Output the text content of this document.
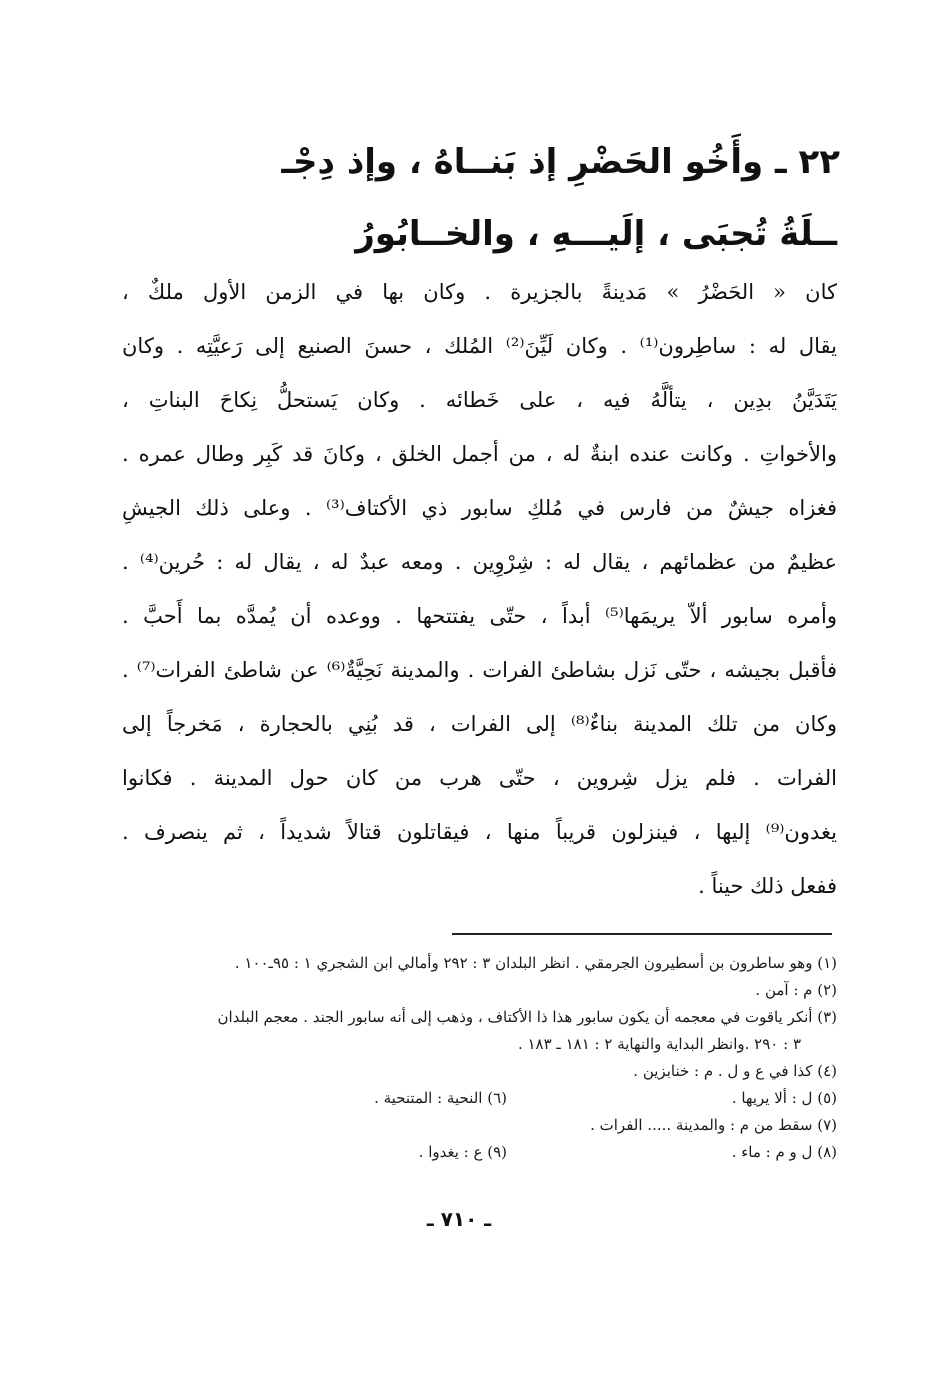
٢٢ ـ وأَخُو الحَضْرِ إذ بَنــاهُ ، وإذ دِجْـ
ــلَةُ تُجبَى ، إلَيـــهِ ، والخــابُورُ
كان « الحَضْرُ » مَدينةً بالجزيرة . وكان بها في الزمن الأول ملكٌ ،
يقال له : ساطِرون⁽¹⁾ . وكان لَيِّنَ⁽²⁾ المُلك ، حسنَ الصنيع إلى رَعيَّتِه . وكان
يَتَدَيَّنُ بدِين ، يتألَّهُ فيه ، على خَطائه . وكان يَستحلُّ نِكاحَ البناتِ ،
والأخواتِ . وكانت عنده ابنةٌ له ، من أجمل الخلق ، وكانَ قد كَبِر وطال عمره .
فغزاه جيشٌ من فارس في مُلكِ سابور ذي الأكتاف⁽³⁾ . وعلى ذلك الجيشِ
عظيمٌ من عظمائهم ، يقال له : شِرْوِين . ومعه عبدٌ له ، يقال له : حُرين⁽⁴⁾ .
وأمره سابور ألاّ يريمَها⁽⁵⁾ أبداً ، حتّى يفتتحها . ووعده أن يُمدَّه بما أَحبَّ .
فأقبل بجيشه ، حتّى نَزل بشاطئ الفرات . والمدينة نَحِيَّةٌ⁽⁶⁾ عن شاطئ الفرات⁽⁷⁾ .
وكان من تلك المدينة بناءٌ⁽⁸⁾ إلى الفرات ، قد بُنِي بالحجارة ، مَخرجاً إلى
الفرات . فلم يزل شِروين ، حتّى هرب من كان حول المدينة . فكانوا
يغدون⁽⁹⁾ إليها ، فينزلون قريباً منها ، فيقاتلون قتالاً شديداً ، ثم ينصرف .
ففعل ذلك حيناً .
(١) وهو ساطرون بن أسطيرون الجرمقي . انظر البلدان ٣ : ٢٩٢ وأمالي ابن الشجري ١ : ٩٥ـ١٠٠ .
(٢) م : آمن .
(٣) أنكر ياقوت في معجمه أن يكون سابور هذا ذا الأكتاف ، وذهب إلى أنه سابور الجند . معجم البلدان
٣ : ٢٩٠ .وانظر البداية والنهاية ٢ : ١٨١ ـ ١٨٣ .
(٤) كذا في ع و ل . م : خنابزين .
(٥) ل : ألا يريها .
(٦) النحية : المتنحية .
(٧) سقط من م : والمدينة ..... الفرات .
(٨) ل و م : ماء .
(٩) ع : يغدوا .
ـ ٧١٠ ـ
